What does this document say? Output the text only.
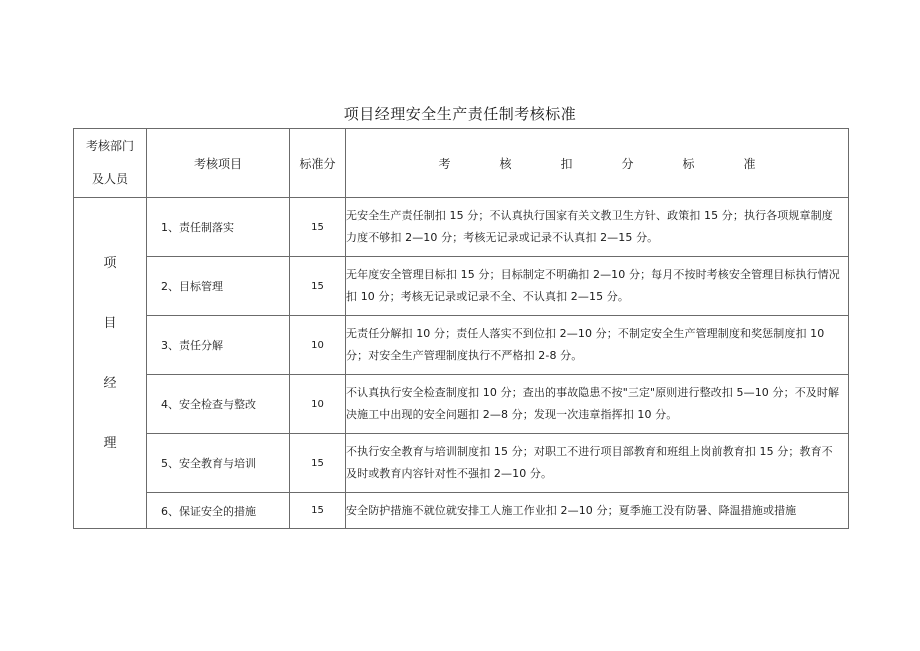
项目经理安全生产责任制考核标准
考核部门
及人员	考核项目	标准分	考 核 扣 分 标 准

项
目
经
理	1、责任制落实	15	无安全生产责任制扣 15 分；不认真执行国家有关文教卫生方针、政策扣 15 分；执行各项规章制度力度不够扣 2—10 分；考核无记录或记录不认真扣 2—15 分。
	2、目标管理	15	无年度安全管理目标扣 15 分；目标制定不明确扣 2—10 分；每月不按时考核安全管理目标执行情况扣 10 分；考核无记录或记录不全、不认真扣 2—15 分。
	3、责任分解	10	无责任分解扣 10 分；责任人落实不到位扣 2—10 分；不制定安全生产管理制度和奖惩制度扣 10 分；对安全生产管理制度执行不严格扣 2-8 分。
	4、安全检查与整改	10	不认真执行安全检查制度扣 10 分；查出的事故隐患不按"三定"原则进行整改扣 5—10 分；不及时解决施工中出现的安全问题扣 2—8 分；发现一次违章指挥扣 10 分。
	5、安全教育与培训	15	不执行安全教育与培训制度扣 15 分；对职工不进行项目部教育和班组上岗前教育扣 15 分；教育不及时或教育内容针对性不强扣 2—10 分。
	6、保证安全的措施	15	安全防护措施不就位就安排工人施工作业扣 2—10 分；夏季施工没有防暑、降温措施或措施
